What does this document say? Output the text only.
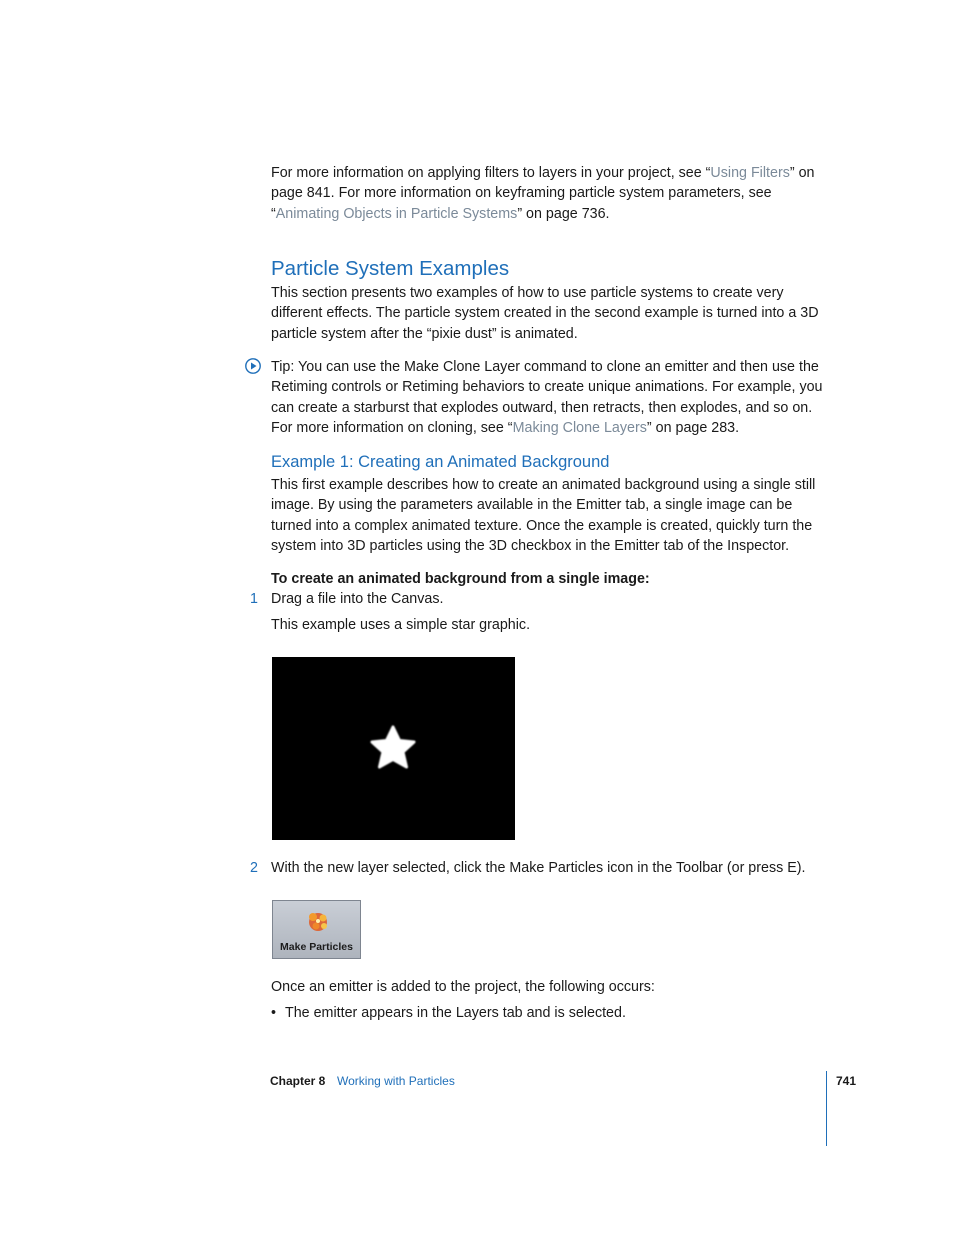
For more information on applying filters to layers in your project, see “Using Filters” on page 841. For more information on keyframing particle system parameters, see “Animating Objects in Particle Systems” on page 736.
Particle System Examples
This section presents two examples of how to use particle systems to create very different effects. The particle system created in the second example is turned into a 3D particle system after the “pixie dust” is animated.
Tip: You can use the Make Clone Layer command to clone an emitter and then use the Retiming controls or Retiming behaviors to create unique animations. For example, you can create a starburst that explodes outward, then retracts, then explodes, and so on. For more information on cloning, see “Making Clone Layers” on page 283.
Example 1: Creating an Animated Background
This first example describes how to create an animated background using a single still image. By using the parameters available in the Emitter tab, a single image can be turned into a complex animated texture. Once the example is created, quickly turn the system into 3D particles using the 3D checkbox in the Emitter tab of the Inspector.
To create an animated background from a single image:
1 Drag a file into the Canvas.
This example uses a simple star graphic.
2 With the new layer selected, click the Make Particles icon in the Toolbar (or press E).
Make Particles
Once an emitter is added to the project, the following occurs:
• The emitter appears in the Layers tab and is selected.
Chapter 8 Working with Particles	741
